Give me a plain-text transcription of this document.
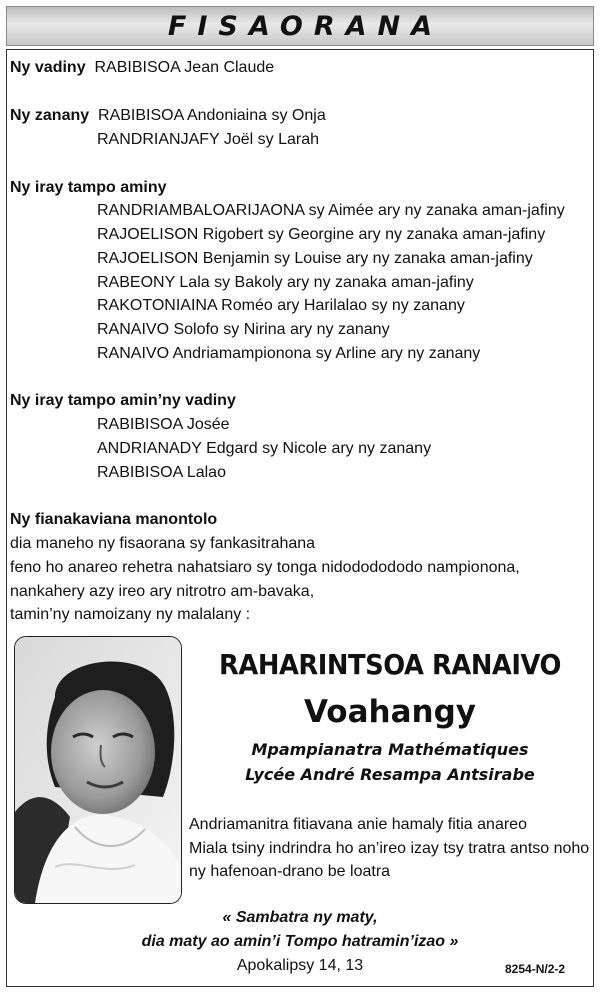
FISAORANA
Ny vadiny RABIBISOA Jean Claude
Ny zanany RABIBISOA Andoniaina sy Onja
RANDRIANJAFY Joël sy Larah
Ny iray tampo aminy
RANDRIAMBALOARIJAONA sy Aimée ary ny zanaka aman-jafiny
RAJOELISON Rigobert sy Georgine ary ny zanaka aman-jafiny
RAJOELISON Benjamin sy Louise ary ny zanaka aman-jafiny
RABEONY Lala sy Bakoly ary ny zanaka aman-jafiny
RAKOTONIAINA Roméo ary Harilalao sy ny zanany
RANAIVO Solofo sy Nirina ary ny zanany
RANAIVO Andriamampionona sy Arline ary ny zanany
Ny iray tampo amin’ny vadiny
RABIBISOA Josée
ANDRIANADY Edgard sy Nicole ary ny zanany
RABIBISOA Lalao
Ny fianakaviana manontolo
dia maneho ny fisaorana sy fankasitrahana
feno ho anareo rehetra nahatsiaro sy tonga nidododododo nampionona,
nankahery azy ireo ary nitrotro am-bavaka,
tamin’ny namoizany ny malalany :
RAHARINTSOA RANAIVO
Voahangy
Mpampianatra Mathématiques
Lycée André Resampa Antsirabe
Andriamanitra fitiavana anie hamaly fitia anareo
Miala tsiny indrindra ho an’ireo izay tsy tratra antso noho
ny hafenoan-drano be loatra
« Sambatra ny maty,
dia maty ao amin’i Tompo hatramin’izao »
Apokalipsy 14, 13	8254-N/2-2
